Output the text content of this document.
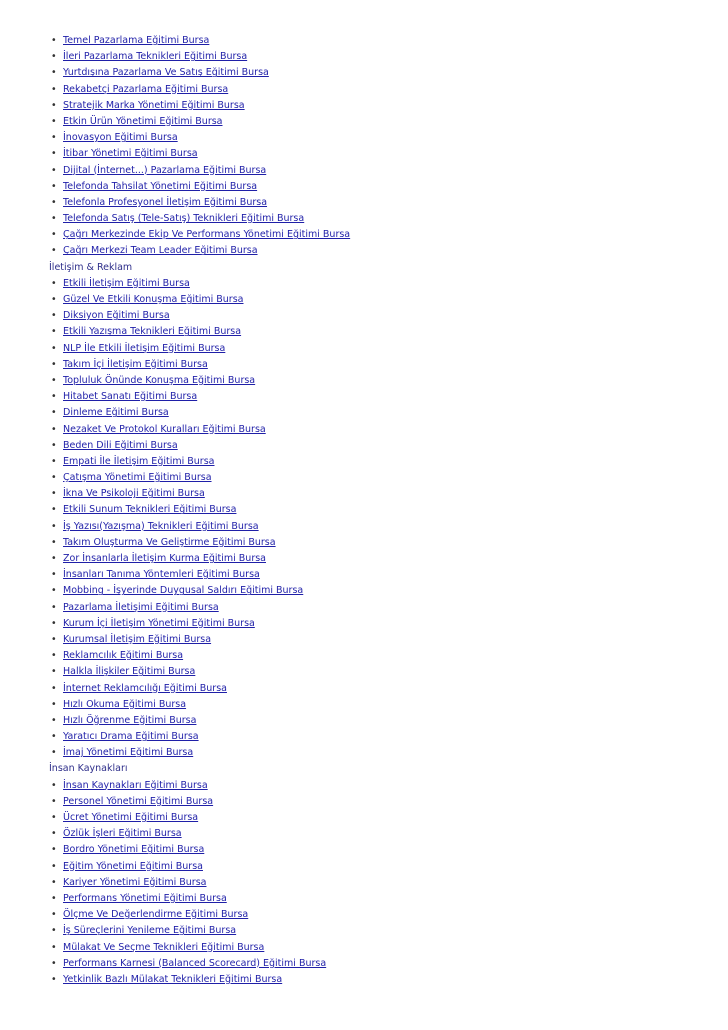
• Temel Pazarlama Eğitimi Bursa
• İleri Pazarlama Teknikleri Eğitimi Bursa
• Yurtdışına Pazarlama Ve Satış Eğitimi Bursa
• Rekabetçi Pazarlama Eğitimi Bursa
• Stratejik Marka Yönetimi Eğitimi Bursa
• Etkin Ürün Yönetimi Eğitimi Bursa
• İnovasyon Eğitimi Bursa
• İtibar Yönetimi Eğitimi Bursa
• Dijital (İnternet...) Pazarlama Eğitimi Bursa
• Telefonda Tahsilat Yönetimi Eğitimi Bursa
• Telefonla Profesyonel İletişim Eğitimi Bursa
• Telefonda Satış (Tele-Satış) Teknikleri Eğitimi Bursa
• Çağrı Merkezinde Ekip Ve Performans Yönetimi Eğitimi Bursa
• Çağrı Merkezi Team Leader Eğitimi Bursa
İletişim & Reklam
• Etkili İletişim Eğitimi Bursa
• Güzel Ve Etkili Konuşma Eğitimi Bursa
• Diksiyon Eğitimi Bursa
• Etkili Yazışma Teknikleri Eğitimi Bursa
• NLP İle Etkili İletişim Eğitimi Bursa
• Takım İçi İletişim Eğitimi Bursa
• Topluluk Önünde Konuşma Eğitimi Bursa
• Hitabet Sanatı Eğitimi Bursa
• Dinleme Eğitimi Bursa
• Nezaket Ve Protokol Kuralları Eğitimi Bursa
• Beden Dili Eğitimi Bursa
• Empati İle İletişim Eğitimi Bursa
• Çatışma Yönetimi Eğitimi Bursa
• İkna Ve Psikoloji Eğitimi Bursa
• Etkili Sunum Teknikleri Eğitimi Bursa
• İş Yazısı(Yazışma) Teknikleri Eğitimi Bursa
• Takım Oluşturma Ve Geliştirme Eğitimi Bursa
• Zor İnsanlarla İletişim Kurma Eğitimi Bursa
• İnsanları Tanıma Yöntemleri Eğitimi Bursa
• Mobbing - İşyerinde Duygusal Saldırı Eğitimi Bursa
• Pazarlama İletişimi Eğitimi Bursa
• Kurum İçi İletişim Yönetimi Eğitimi Bursa
• Kurumsal İletişim Eğitimi Bursa
• Reklamcılık Eğitimi Bursa
• Halkla İlişkiler Eğitimi Bursa
• İnternet Reklamcılığı Eğitimi Bursa
• Hızlı Okuma Eğitimi Bursa
• Hızlı Öğrenme Eğitimi Bursa
• Yaratıcı Drama Eğitimi Bursa
• İmaj Yönetimi Eğitimi Bursa
İnsan Kaynakları
• İnsan Kaynakları Eğitimi Bursa
• Personel Yönetimi Eğitimi Bursa
• Ücret Yönetimi Eğitimi Bursa
• Özlük İşleri Eğitimi Bursa
• Bordro Yönetimi Eğitimi Bursa
• Eğitim Yönetimi Eğitimi Bursa
• Kariyer Yönetimi Eğitimi Bursa
• Performans Yönetimi Eğitimi Bursa
• Ölçme Ve Değerlendirme Eğitimi Bursa
• İş Süreçlerini Yenileme Eğitimi Bursa
• Mülakat Ve Seçme Teknikleri Eğitimi Bursa
• Performans Karnesi (Balanced Scorecard) Eğitimi Bursa
• Yetkinlik Bazlı Mülakat Teknikleri Eğitimi Bursa
